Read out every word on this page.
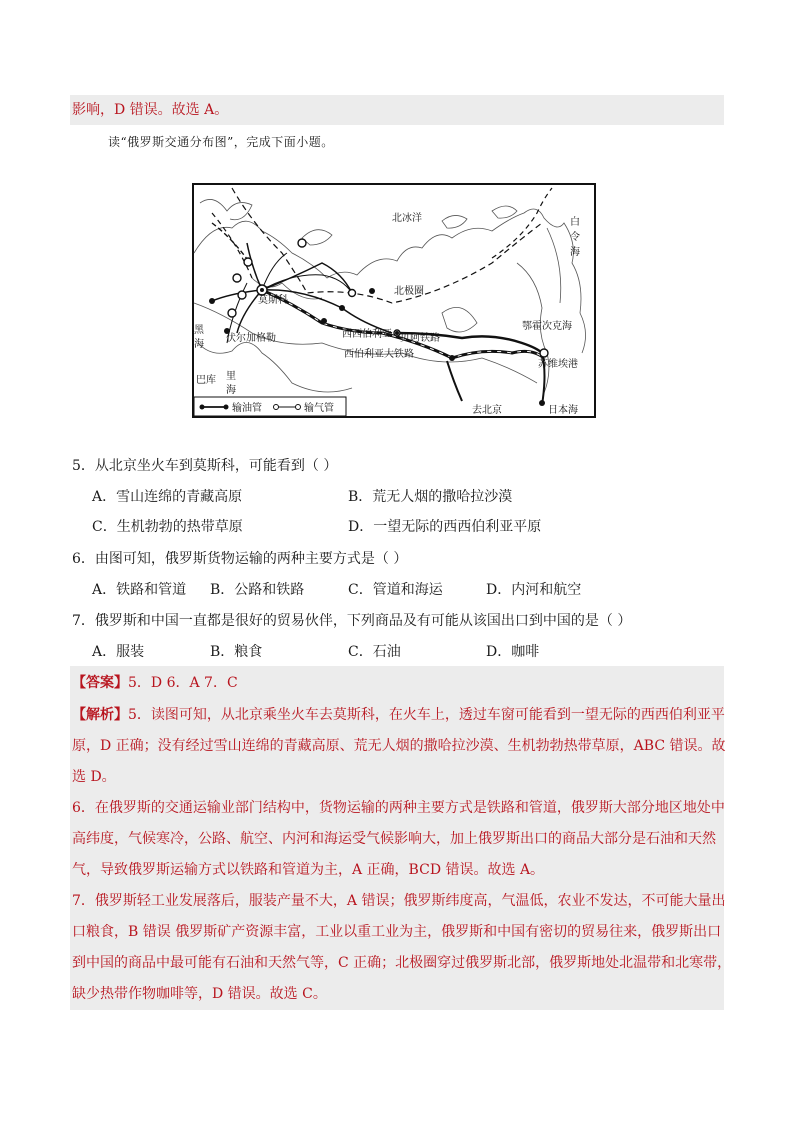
影响，D 错误。故选 A。
读“俄罗斯交通分布图”，完成下面小题。
北冰洋	白
令
海
北极圈
莫斯科
伏尔加格勒
黑
海
巴库 里
海
西西伯利亚 贝阿铁路
西伯利亚大铁路
鄂霍次克海
苏维埃港
去北京	日本海
输油管	输气管
5．从北京坐火车到莫斯科，可能看到（ ）
A．雪山连绵的青藏高原	B．荒无人烟的撒哈拉沙漠
C．生机勃勃的热带草原	D．一望无际的西西伯利亚平原
6．由图可知，俄罗斯货物运输的两种主要方式是（ ）
A．铁路和管道 B．公路和铁路	C．管道和海运	D．内河和航空
7．俄罗斯和中国一直都是很好的贸易伙伴，下列商品及有可能从该国出口到中国的是（ ）
A．服装	B．粮食	C．石油	D．咖啡
【答案】5．D 6．A 7．C
【解析】5．读图可知，从北京乘坐火车去莫斯科，在火车上，透过车窗可能看到一望无际的西西伯利亚平
原，D 正确；没有经过雪山连绵的青藏高原、荒无人烟的撒哈拉沙漠、生机勃勃热带草原，ABC 错误。故
选 D。
6．在俄罗斯的交通运输业部门结构中，货物运输的两种主要方式是铁路和管道，俄罗斯大部分地区地处中
高纬度，气候寒冷，公路、航空、内河和海运受气候影响大，加上俄罗斯出口的商品大部分是石油和天然
气，导致俄罗斯运输方式以铁路和管道为主，A 正确，BCD 错误。故选 A。
7．俄罗斯轻工业发展落后，服装产量不大，A 错误；俄罗斯纬度高，气温低，农业不发达，不可能大量出
口粮食，B 错误 俄罗斯矿产资源丰富，工业以重工业为主，俄罗斯和中国有密切的贸易往来，俄罗斯出口
到中国的商品中最可能有石油和天然气等，C 正确；北极圈穿过俄罗斯北部，俄罗斯地处北温带和北寒带，
缺少热带作物咖啡等，D 错误。故选 C。
